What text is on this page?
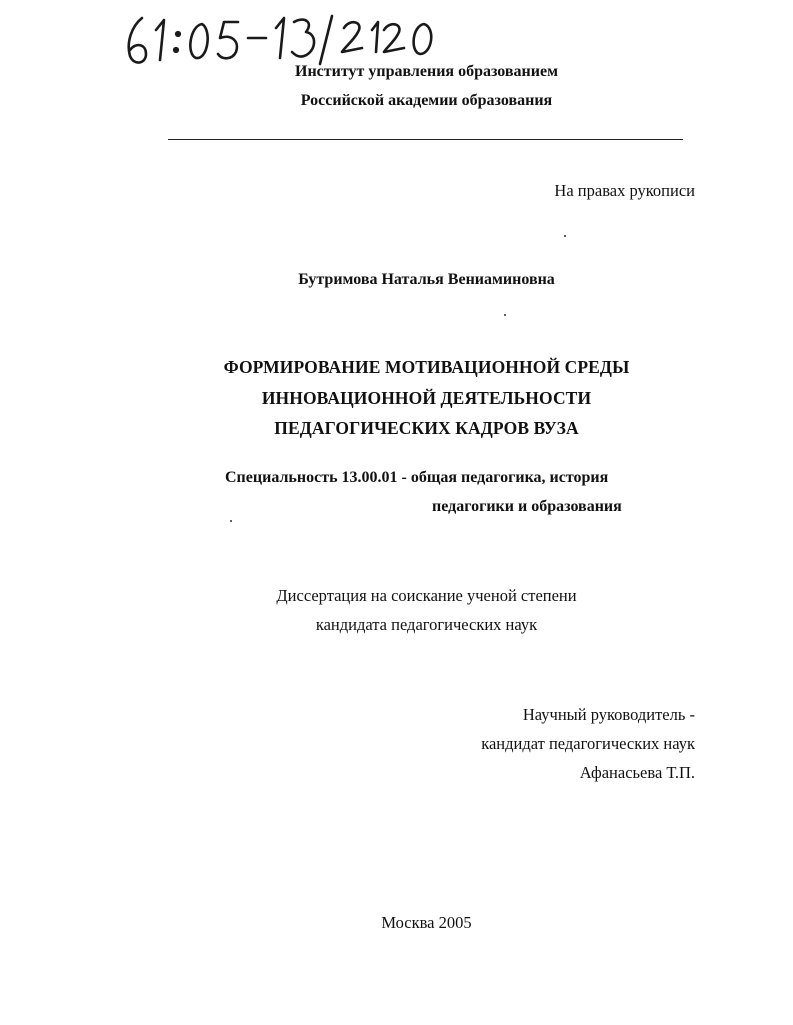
Институт управления образованием
Российской академии образования
На правах рукописи
Бутримова Наталья Вениаминовна
ФОРМИРОВАНИЕ МОТИВАЦИОННОЙ СРЕДЫ
ИННОВАЦИОННОЙ ДЕЯТЕЛЬНОСТИ
ПЕДАГОГИЧЕСКИХ КАДРОВ ВУЗА
Специальность 13.00.01 - общая педагогика, история
педагогики и образования
Диссертация на соискание ученой степени
кандидата педагогических наук
Научный руководитель -
кандидат педагогических наук
Афанасьева Т.П.
Москва 2005
